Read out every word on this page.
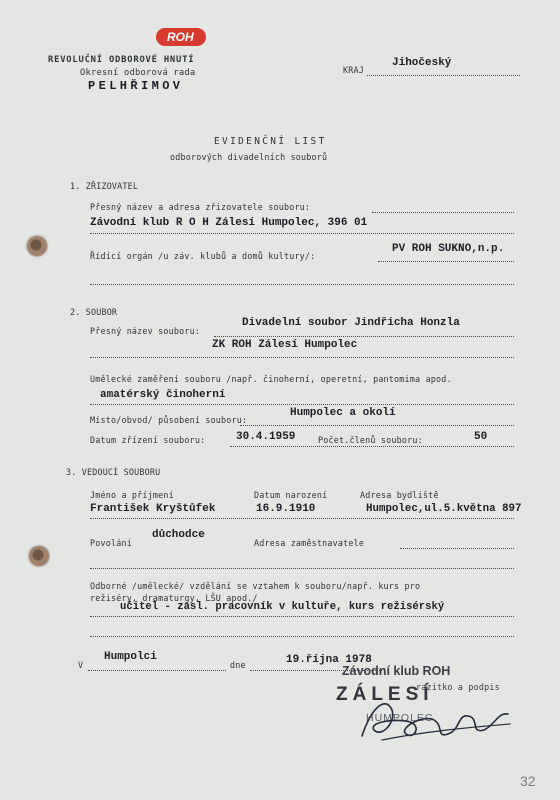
ROH
REVOLUČNÍ ODBOROVÉ HNUTÍ
Okresní odborová rada
PELHŘIMOV
KRAJ
Jihočeský
EVIDENČNÍ LIST
odborových divadelních souborů
1. ZŘIZOVATEL
Přesný název a adresa zřizovatele souboru:
Závodní klub R O H Zálesí Humpolec, 396 01
Řídící orgán /u záv. klubů a domů kultury/:
PV ROH SUKNO,n.p.
2. SOUBOR
Divadelní soubor Jindřicha Honzla
Přesný název souboru:
ZK ROH Zálesí Humpolec
Umělecké zaměření souboru /např. činoherní, operetní, pantomima apod.
amatérský činoherní
Humpolec a okolí
Místo/obvod/ působení souboru:
Datum zřízení souboru:	30.4.1959	Počet.členů souboru:	50
3. VEDOUCÍ SOUBORU
Jméno a příjmení	Datum narození	Adresa bydliště
František Kryštůfek	16.9.1910	Humpolec,ul.5.května 897
důchodce
Povolání	Adresa zaměstnavatele
Odborné /umělecké/ vzdělání se vztahem k souboru/např. kurs pro
režiséry, dramaturgy, LŠU apod./
učitel - zasl. pracovník v kultuře, kurs režisérský
Humpolci
V	dne	19.října 1978
Závodní klub ROH
ZÁLESÍ
HUMPOLEC
razítko a podpis
32
